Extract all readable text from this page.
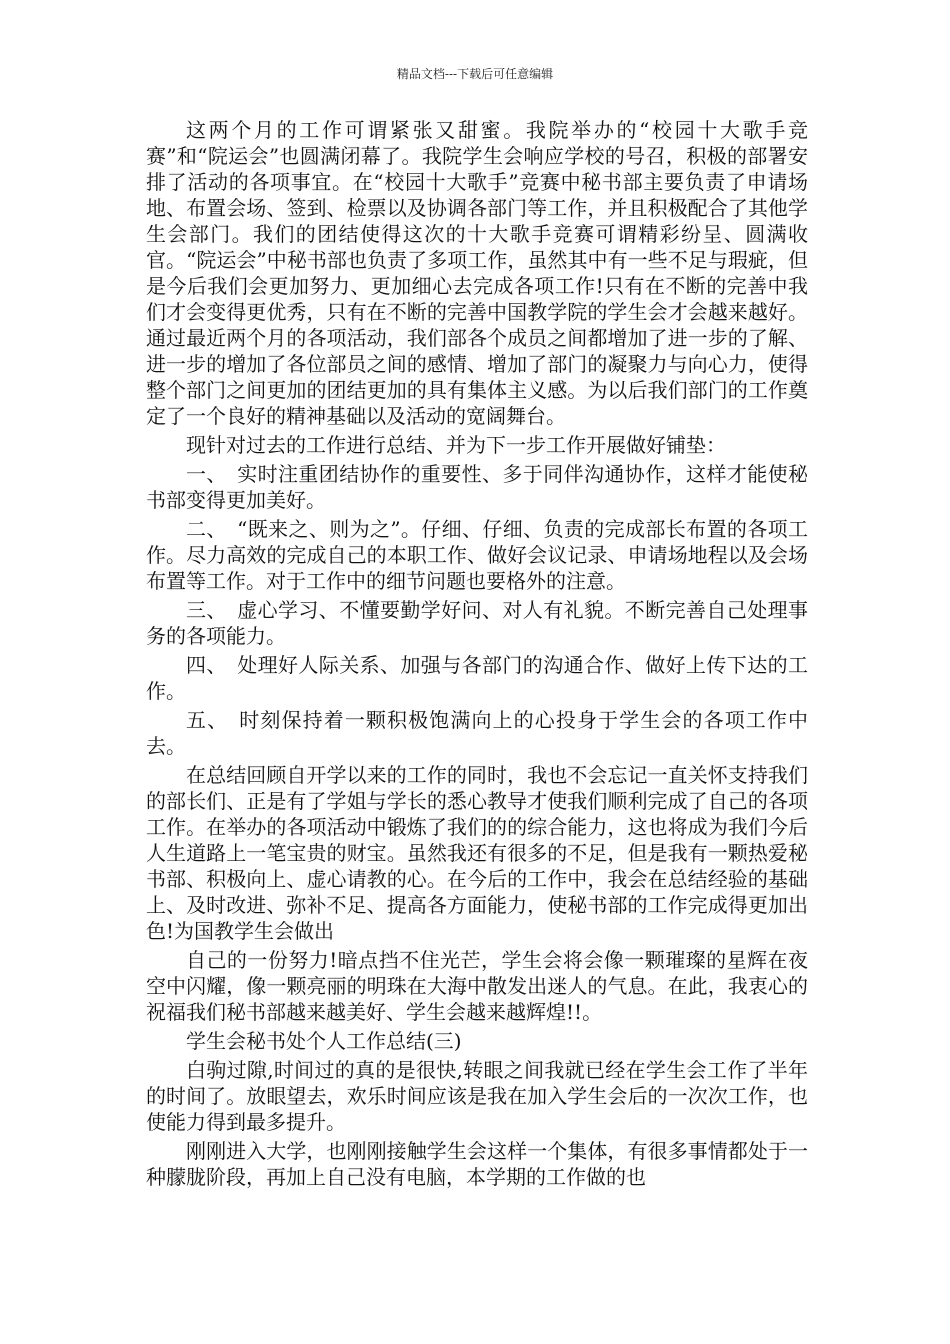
精品文档---下载后可任意编辑

这两个月的工作可谓紧张又甜蜜。我院举办的“校园十大歌手竞赛”和“院运会”也圆满闭幕了。我院学生会响应学校的号召，积极的部署安排了活动的各项事宜。在“校园十大歌手”竞赛中秘书部主要负责了申请场地、布置会场、签到、检票以及协调各部门等工作，并且积极配合了其他学生会部门。我们的团结使得这次的十大歌手竞赛可谓精彩纷呈、圆满收官。“院运会”中秘书部也负责了多项工作，虽然其中有一些不足与瑕疵，但是今后我们会更加努力、更加细心去完成各项工作!只有在不断的完善中我们才会变得更优秀，只有在不断的完善中国教学院的学生会才会越来越好。通过最近两个月的各项活动，我们部各个成员之间都增加了进一步的了解、进一步的增加了各位部员之间的感情、增加了部门的凝聚力与向心力，使得整个部门之间更加的团结更加的具有集体主义感。为以后我们部门的工作奠定了一个良好的精神基础以及活动的宽阔舞台。

现针对过去的工作进行总结、并为下一步工作开展做好铺垫：

一、　实时注重团结协作的重要性、多于同伴沟通协作，这样才能使秘书部变得更加美好。

二、　“既来之、则为之”。仔细、仔细、负责的完成部长布置的各项工作。尽力高效的完成自己的本职工作、做好会议记录、申请场地程以及会场布置等工作。对于工作中的细节问题也要格外的注意。

三、　虚心学习、不懂要勤学好问、对人有礼貌。不断完善自己处理事务的各项能力。

四、　处理好人际关系、加强与各部门的沟通合作、做好上传下达的工作。

五、　时刻保持着一颗积极饱满向上的心投身于学生会的各项工作中去。

在总结回顾自开学以来的工作的同时，我也不会忘记一直关怀支持我们的部长们、正是有了学姐与学长的悉心教导才使我们顺利完成了自己的各项工作。在举办的各项活动中锻炼了我们的的综合能力，这也将成为我们今后人生道路上一笔宝贵的财宝。虽然我还有很多的不足，但是我有一颗热爱秘书部、积极向上、虚心请教的心。在今后的工作中，我会在总结经验的基础上、及时改进、弥补不足、提高各方面能力，使秘书部的工作完成得更加出色!为国教学生会做出

自己的一份努力!暗点挡不住光芒，学生会将会像一颗璀璨的星辉在夜空中闪耀，像一颗亮丽的明珠在大海中散发出迷人的气息。在此，我衷心的祝福我们秘书部越来越美好、学生会越来越辉煌!!。

学生会秘书处个人工作总结(三)

白驹过隙,时间过的真的是很快,转眼之间我就已经在学生会工作了半年的时间了。放眼望去，欢乐时间应该是我在加入学生会后的一次次工作，也使能力得到最多提升。

刚刚进入大学，也刚刚接触学生会这样一个集体，有很多事情都处于一种朦胧阶段，再加上自己没有电脑，本学期的工作做的也
